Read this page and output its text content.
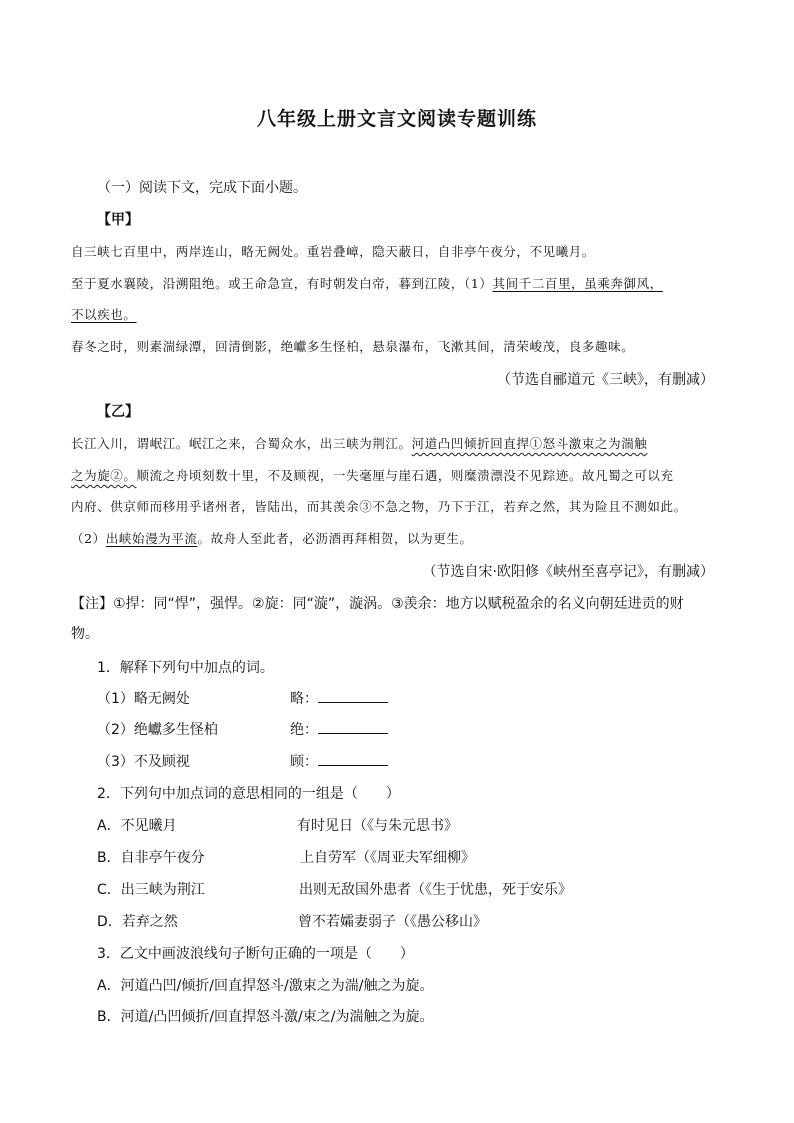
八年级上册文言文阅读专题训练
（一）阅读下文，完成下面小题。
【甲】
自三峡七百里中，两岸连山，略无阙处。重岩叠嶂，隐天蔽日，自非亭午夜分，不见曦月。
至于夏水襄陵，沿溯阻绝。或王命急宣，有时朝发白帝，暮到江陵，（1）其间千二百里，虽乘奔御风，
不以疾也。
春冬之时，则素湍绿潭，回清倒影，绝巘多生怪柏，悬泉瀑布，飞漱其间，清荣峻茂，良多趣味。
（节选自郦道元《三峡》，有删减）
【乙】
长江入川，谓岷江。岷江之来，合蜀众水，出三峡为荆江。河道凸凹倾折回直捍①怒斗激束之为湍触
之为旋②。顺流之舟顷刻数十里，不及顾视，一失毫厘与崖石遇，则糜溃漂没不见踪迹。故凡蜀之可以充
内府、供京师而移用乎诸州者，皆陆出，而其羡余③不急之物，乃下于江，若弃之然，其为险且不测如此。
（2）出峡始漫为平流。故舟人至此者，必沥酒再拜相贺，以为更生。
（节选自宋·欧阳修《峡州至喜亭记》，有删减）
【注】①捍：同“悍”，强悍。②旋：同“漩”，漩涡。③羡余：地方以赋税盈余的名义向朝廷进贡的财
物。
1．解释下列句中加点的词。
（1）略无阙处	略：
（2）绝巘多生怪柏	绝：
（3）不及顾视	顾：
2．下列句中加点词的意思相同的一组是（　　）
A．不见曦月	有时见日（《与朱元思书》
B．自非亭午夜分	上自劳军（《周亚夫军细柳》
C．出三峡为荆江	出则无敌国外患者（《生于忧患，死于安乐》
D．若弃之然	曾不若孀妻弱子（《愚公移山》
3．乙文中画波浪线句子断句正确的一项是（　　）
A．河道凸凹/倾折/回直捍怒斗/激束之为湍/触之为旋。
B．河道/凸凹倾折/回直捍怒斗激/束之/为湍触之为旋。
